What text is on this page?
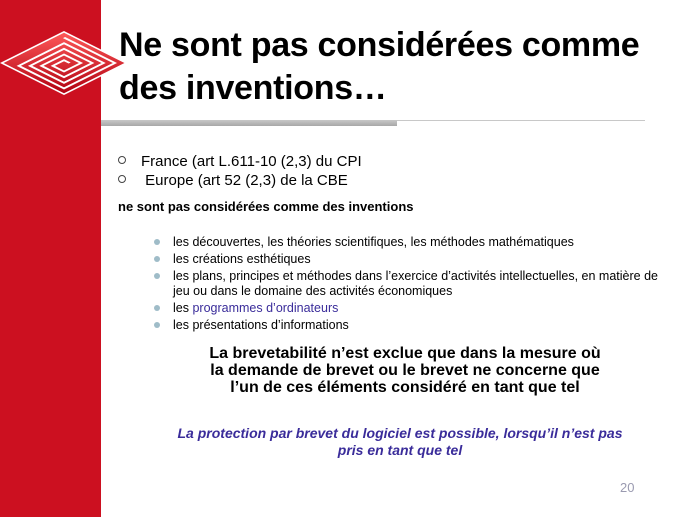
Ne sont pas considérées comme
des inventions…
France (art L.611-10 (2,3) du CPI
Europe (art 52 (2,3) de la CBE
ne sont pas considérées comme des inventions
les découvertes, les théories scientifiques, les méthodes mathématiques
les créations esthétiques
les plans, principes et méthodes dans l’exercice d’activités intellectuelles, en matière de jeu ou dans le domaine des activités économiques
les programmes d’ordinateurs
les présentations d’informations
La brevetabilité n’est exclue que dans la mesure où
la demande de brevet ou le brevet ne concerne que
l’un de ces éléments considéré en tant que tel
La protection par brevet du logiciel est possible, lorsqu’il n’est pas
pris en tant que tel
20
